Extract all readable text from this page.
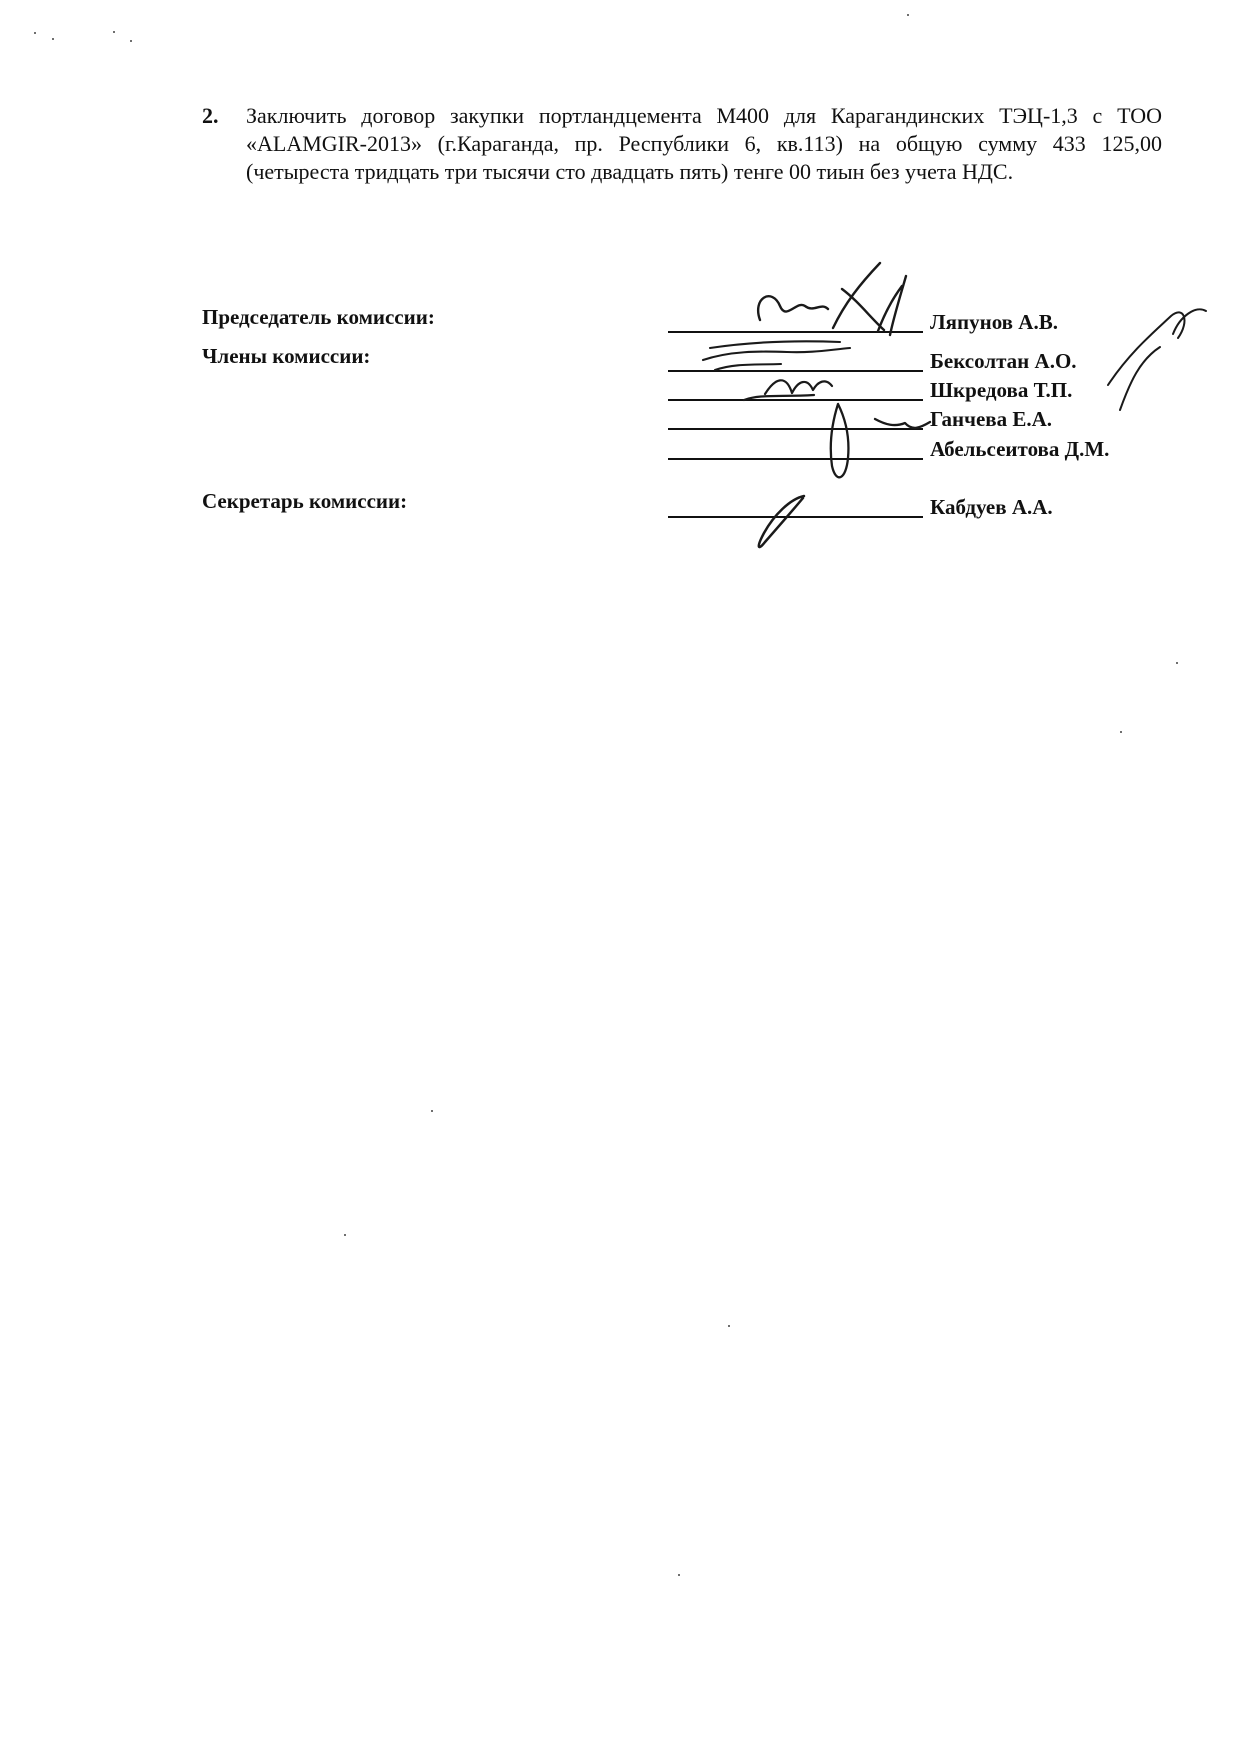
2.	Заключить договор закупки портландцемента М400 для Карагандинских ТЭЦ-1,3 с ТОО «ALAMGIR-2013» (г.Караганда, пр. Республики 6, кв.113) на общую сумму 433 125,00 (четыреста тридцать три тысячи сто двадцать пять) тенге 00 тиын без учета НДС.
Председатель комиссии:
Члены комиссии:
Секретарь комиссии:
Ляпунов А.В.
Бексолтан А.О.
Шкредова Т.П.
Ганчева Е.А.
Абельсеитова Д.М.
Кабдуев А.А.
